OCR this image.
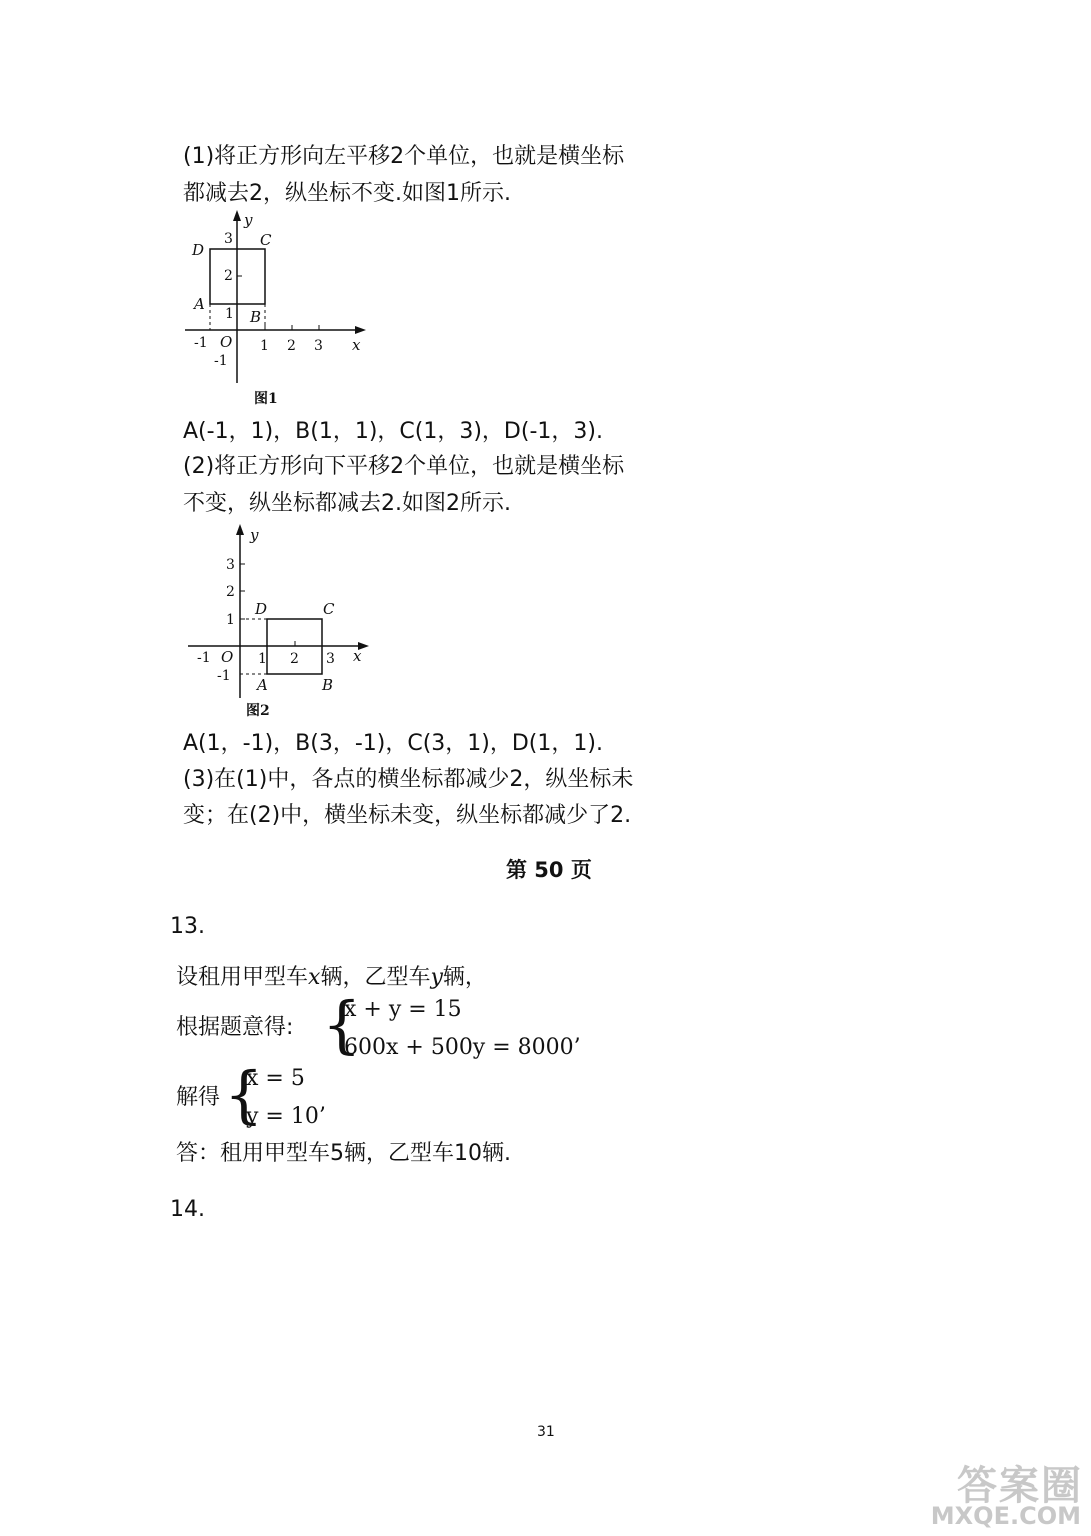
(1)将正方形向左平移2个单位，也就是横坐标
都减去2，纵坐标不变.如图1所示.
D
C
A
B
y
x
O
-1	1 2 3
3
2
1
-1
图1
A(-1，1)，B(1，1)，C(1，3)，D(-1，3).
(2)将正方形向下平移2个单位，也就是横坐标
不变，纵坐标都减去2.如图2所示.
D	C
A	B
y
x
O
-1	1 2 3
3
2
1
-1
图2
A(1，-1)，B(3，-1)，C(3，1)，D(1，1).
(3)在(1)中，各点的横坐标都减少2，纵坐标未
变；在(2)中，横坐标未变，纵坐标都减少了2.
第 50 页
13.
设租用甲型车x辆，乙型车y辆，
根据题意得: {
x + y = 15
600x + 500y = 8000’
解得 {
x = 5
y = 10’
答：租用甲型车5辆，乙型车10辆.
14.
31
答案圈
MXQE.COM
